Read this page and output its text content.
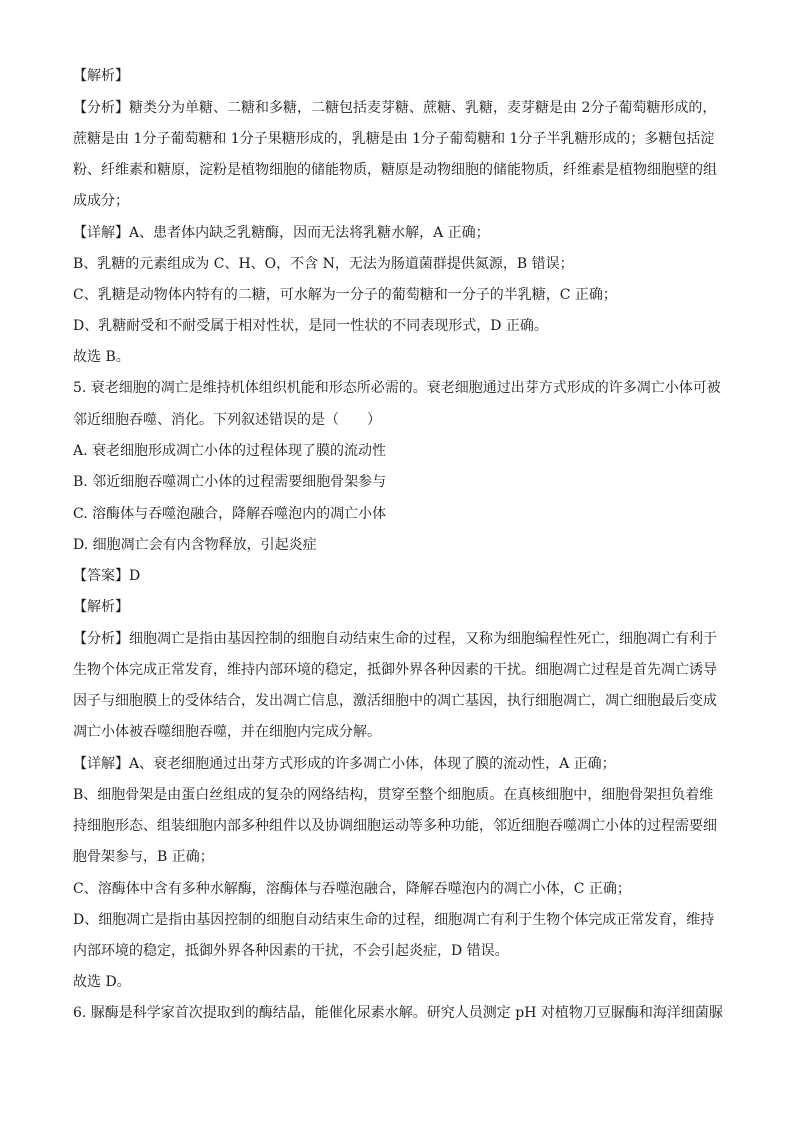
【解析】
【分析】糖类分为单糖、二糖和多糖，二糖包括麦芽糖、蔗糖、乳糖，麦芽糖是由 2分子葡萄糖形成的，
蔗糖是由 1分子葡萄糖和 1分子果糖形成的，乳糖是由 1分子葡萄糖和 1分子半乳糖形成的；多糖包括淀
粉、纤维素和糖原，淀粉是植物细胞的储能物质，糖原是动物细胞的储能物质，纤维素是植物细胞壁的组
成成分；
【详解】A、患者体内缺乏乳糖酶，因而无法将乳糖水解，A 正确；
B、乳糖的元素组成为 C、H、O，不含 N，无法为肠道菌群提供氮源，B 错误；
C、乳糖是动物体内特有的二糖，可水解为一分子的葡萄糖和一分子的半乳糖，C 正确；
D、乳糖耐受和不耐受属于相对性状，是同一性状的不同表现形式，D 正确。
故选 B。
5. 衰老细胞的凋亡是维持机体组织机能和形态所必需的。衰老细胞通过出芽方式形成的许多凋亡小体可被
邻近细胞吞噬、消化。下列叙述错误的是（　　）
A. 衰老细胞形成凋亡小体的过程体现了膜的流动性
B. 邻近细胞吞噬凋亡小体的过程需要细胞骨架参与
C. 溶酶体与吞噬泡融合，降解吞噬泡内的凋亡小体
D. 细胞凋亡会有内含物释放，引起炎症
【答案】D
【解析】
【分析】细胞凋亡是指由基因控制的细胞自动结束生命的过程，又称为细胞编程性死亡，细胞凋亡有利于
生物个体完成正常发育，维持内部环境的稳定，抵御外界各种因素的干扰。细胞凋亡过程是首先凋亡诱导
因子与细胞膜上的受体结合，发出凋亡信息，激活细胞中的凋亡基因，执行细胞凋亡，凋亡细胞最后变成
凋亡小体被吞噬细胞吞噬，并在细胞内完成分解。
【详解】A、衰老细胞通过出芽方式形成的许多凋亡小体，体现了膜的流动性，A 正确；
B、细胞骨架是由蛋白丝组成的复杂的网络结构，贯穿至整个细胞质。在真核细胞中，细胞骨架担负着维
持细胞形态、组装细胞内部多种组件以及协调细胞运动等多种功能，邻近细胞吞噬凋亡小体的过程需要细
胞骨架参与，B 正确；
C、溶酶体中含有多种水解酶，溶酶体与吞噬泡融合，降解吞噬泡内的凋亡小体，C 正确；
D、细胞凋亡是指由基因控制的细胞自动结束生命的过程，细胞凋亡有利于生物个体完成正常发育，维持
内部环境的稳定，抵御外界各种因素的干扰，不会引起炎症，D 错误。
故选 D。
6. 脲酶是科学家首次提取到的酶结晶，能催化尿素水解。研究人员测定 pH 对植物刀豆脲酶和海洋细菌脲
